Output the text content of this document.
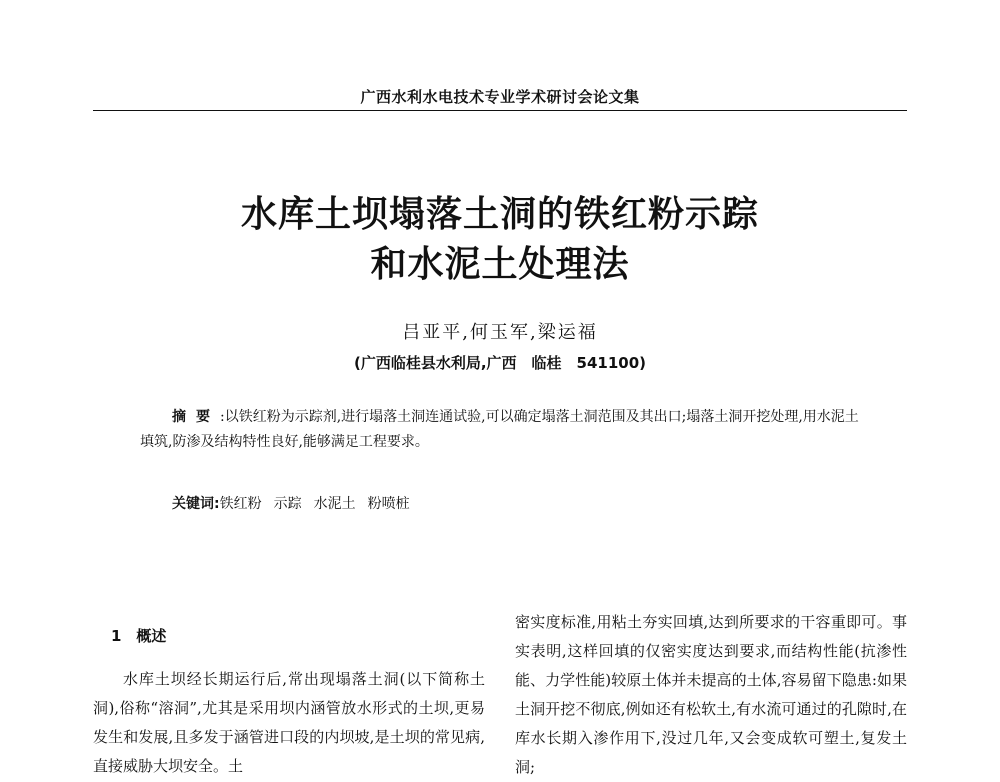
广西水利水电技术专业学术研讨会论文集
水库土坝塌落土洞的铁红粉示踪
和水泥土处理法
吕亚平,何玉军,梁运福
(广西临桂县水利局,广西　临桂　541100)
摘要:以铁红粉为示踪剂,进行塌落土洞连通试验,可以确定塌落土洞范围及其出口;塌落土洞开挖处理,用水泥土填筑,防渗及结构特性良好,能够满足工程要求。
关键词:铁红粉 示踪 水泥土 粉喷桩
1　概述

水库土坝经长期运行后,常出现塌落土洞(以下简称土洞),俗称“溶洞”,尤其是采用坝内涵管放水形式的土坝,更易发生和发展,且多发于涵管进口段的内坝坡,是土坝的常见病,直接威胁大坝安全。土

密实度标准,用粘土夯实回填,达到所要求的干容重即可。事实表明,这样回填的仅密实度达到要求,而结构性能(抗渗性能、力学性能)较原土体并未提高的土体,容易留下隐患:如果土洞开挖不彻底,例如还有松软土,有水流可通过的孔隙时,在库水长期入渗作用下,没过几年,又会变成软可塑土,复发土洞;
